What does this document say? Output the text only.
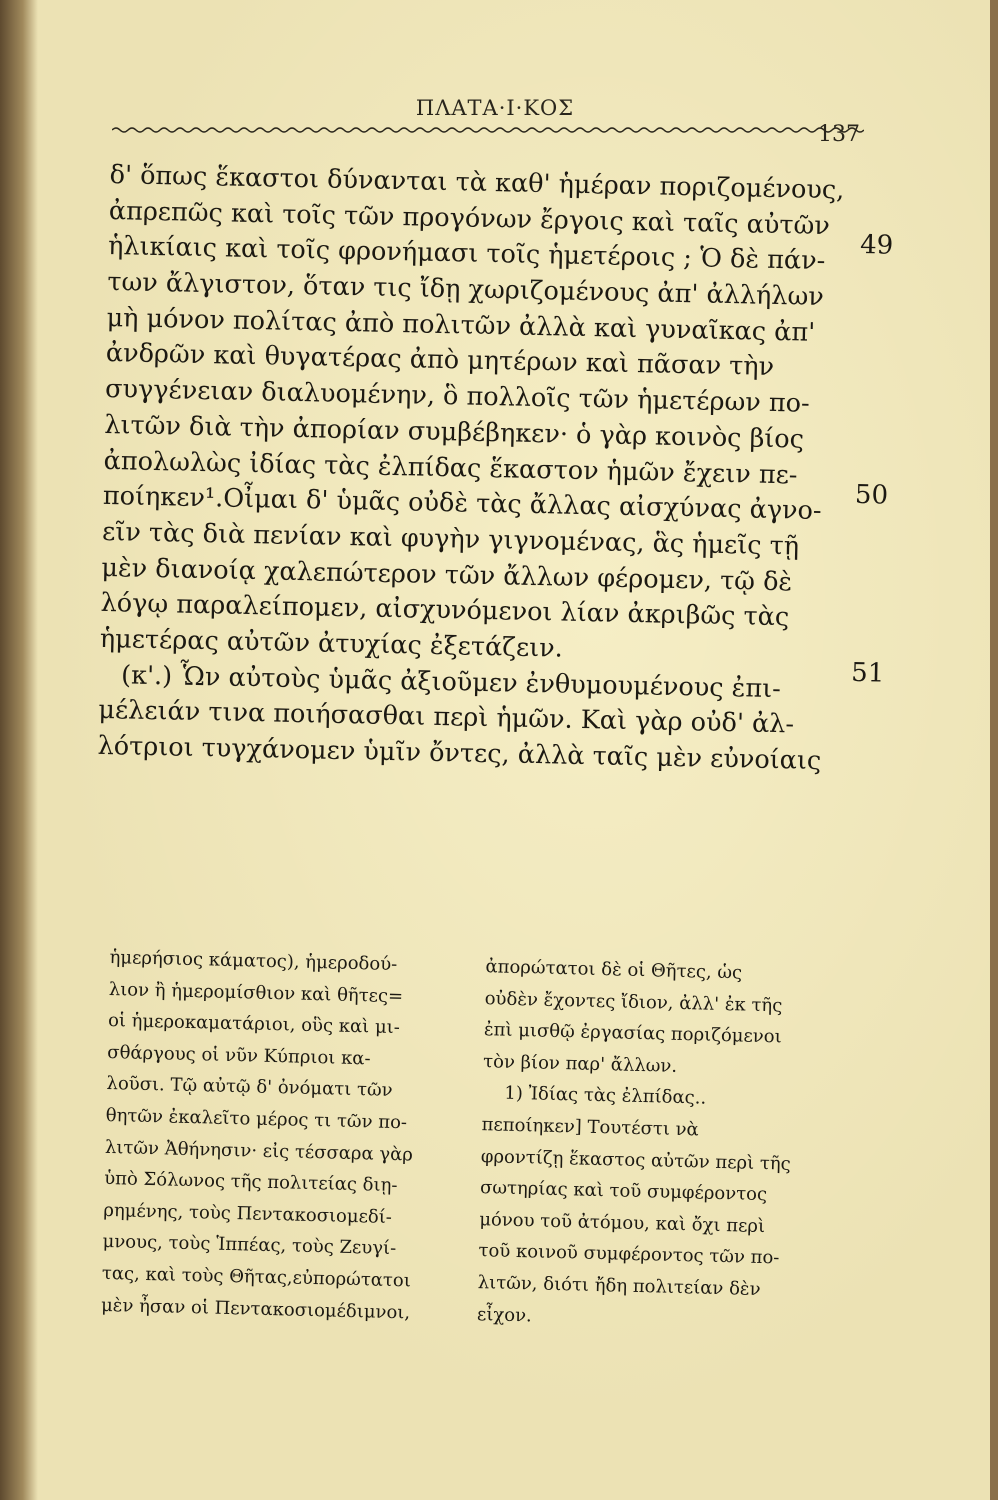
ΠΛΑΤΑ·Ι·ΚΟΣ
137
δ' ὅπως ἕκαστοι δύνανται τὰ καθ' ἡμέραν ποριζομένους,
ἀπρεπῶς καὶ τοῖς τῶν προγόνων ἔργοις καὶ ταῖς αὐτῶν
ἡλικίαις καὶ τοῖς φρονήμασι τοῖς ἡμετέροις ; Ὁ δὲ πάν-
των ἄλγιστον, ὅταν τις ἴδῃ χωριζομένους ἀπ' ἀλλήλων
μὴ μόνον πολίτας ἀπὸ πολιτῶν ἀλλὰ καὶ γυναῖκας ἀπ'
ἀνδρῶν καὶ θυγατέρας ἀπὸ μητέρων καὶ πᾶσαν τὴν
συγγένειαν διαλυομένην, ὃ πολλοῖς τῶν ἡμετέρων πο-
λιτῶν διὰ τὴν ἀπορίαν συμβέβηκεν· ὁ γὰρ κοινὸς βίος
ἀπολωλὼς ἰδίας τὰς ἐλπίδας ἕκαστον ἡμῶν ἔχειν πε-
ποίηκεν¹.Οἶμαι δ' ὑμᾶς οὐδὲ τὰς ἄλλας αἰσχύνας ἀγνο-
εῖν τὰς διὰ πενίαν καὶ φυγὴν γιγνομένας, ἃς ἡμεῖς τῇ
μὲν διανοίᾳ χαλεπώτερον τῶν ἄλλων φέρομεν, τῷ δὲ
λόγῳ παραλείπομεν, αἰσχυνόμενοι λίαν ἀκριβῶς τὰς
ἡμετέρας αὐτῶν ἀτυχίας ἐξετάζειν.
(κ'.) Ὧν αὐτοὺς ὑμᾶς ἀξιοῦμεν ἐνθυμουμένους ἐπι-
μέλειάν τινα ποιήσασθαι περὶ ἡμῶν. Καὶ γὰρ οὐδ' ἀλ-
λότριοι τυγχάνομεν ὑμῖν ὄντες, ἀλλὰ ταῖς μὲν εὐνοίαις
49
50
51
ἡμερήσιος κάματος), ἡμεροδού-
λιον ἢ ἡμερομίσθιον καὶ θῆτες=
οἱ ἡμεροκαματάριοι, οὓς καὶ μι-
σθάργους οἱ νῦν Κύπριοι κα-
λοῦσι. Τῷ αὐτῷ δ' ὀνόματι τῶν
θητῶν ἐκαλεῖτο μέρος τι τῶν πο-
λιτῶν Ἀθήνησιν· εἰς τέσσαρα γὰρ
ὑπὸ Σόλωνος τῆς πολιτείας διῃ-
ρημένης, τοὺς Πεντακοσιομεδί-
μνους, τοὺς Ἱππέας, τοὺς Ζευγί-
τας, καὶ τοὺς Θῆτας,εὐπορώτατοι
μὲν ἦσαν οἱ Πεντακοσιομέδιμνοι,
ἀπορώτατοι δὲ οἱ Θῆτες, ὡς
οὐδὲν ἔχοντες ἴδιον, ἀλλ' ἐκ τῆς
ἐπὶ μισθῷ ἐργασίας ποριζόμενοι
τὸν βίον παρ' ἄλλων.
1) Ἰδίας τὰς ἐλπίδας..
πεποίηκεν] Τουτέστι νὰ
φροντίζῃ ἕκαστος αὐτῶν περὶ τῆς
σωτηρίας καὶ τοῦ συμφέροντος
μόνου τοῦ ἀτόμου, καὶ ὄχι περὶ
τοῦ κοινοῦ συμφέροντος τῶν πο-
λιτῶν, διότι ἤδη πολιτείαν δὲν
εἶχον.
